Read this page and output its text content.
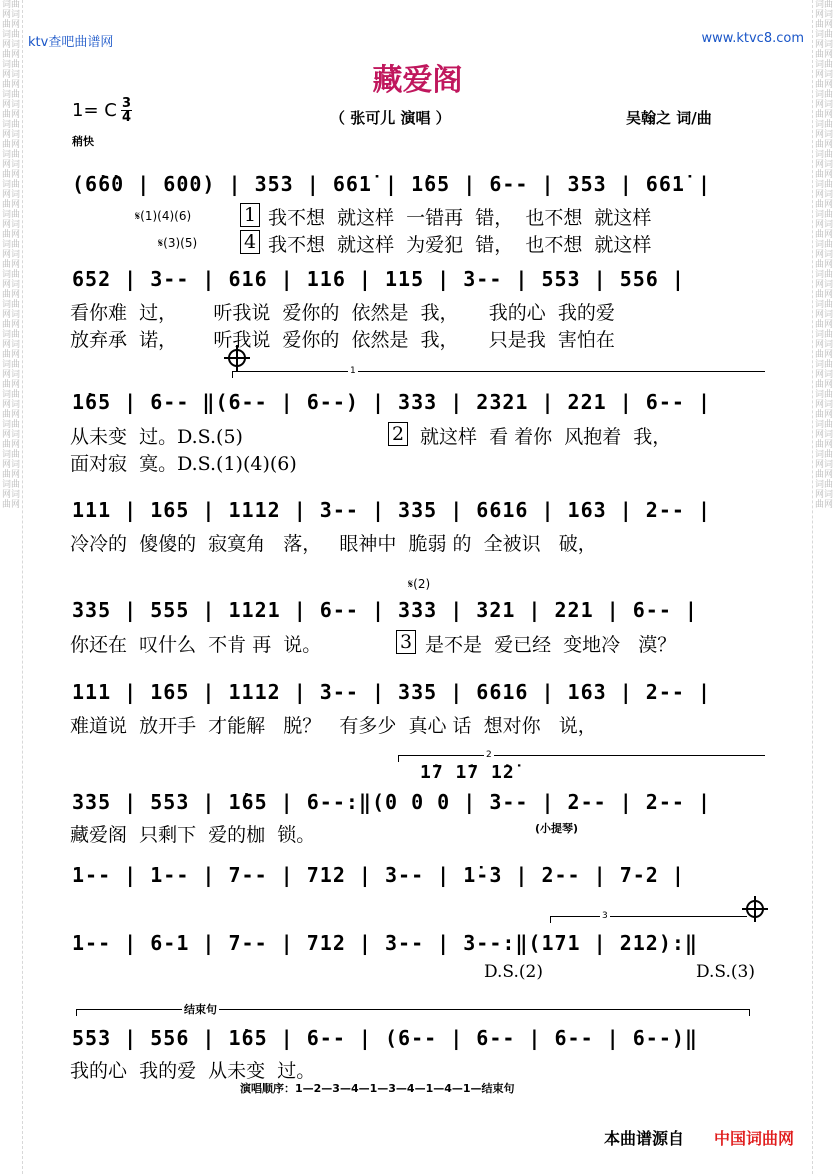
词曲网词曲网词曲网词曲网词曲网词曲网词曲网词曲网词曲网词曲网词曲网词曲网词曲网词曲网词曲网词曲网词曲网词曲网词曲网词曲网词曲网词曲网词曲网词曲网词曲网词曲网词曲网词曲网词曲网词曲网词曲网词曲网词曲网词曲网
词曲网词曲网词曲网词曲网词曲网词曲网词曲网词曲网词曲网词曲网词曲网词曲网词曲网词曲网词曲网词曲网词曲网词曲网词曲网词曲网词曲网词曲网词曲网词曲网词曲网词曲网词曲网词曲网词曲网词曲网词曲网词曲网词曲网词曲网
ktv查吧曲谱网	www.ktvc8.com
藏爱阁
1= C 3
4	（ 张可儿 演唱 ）	吴翰之 词/曲
稍快
(6̇6̇0 | 600) | 353 | 661̇ | 1̇65 | 6-- | 353 | 661̇ |
𝄋(1)(4)(6)	1 我不想  就这样  一错再  错，  也不想  就这样
𝄋(3)(5) 4 我不想  就这样  为爱犯  错，  也不想  就这样
652 | 3-- | 616 | 116 | 115 | 3-- | 553 | 556 |
看你难  过，      听我说  爱你的  依然是  我，     我的心  我的爱
放弃承  诺，      听我说  爱你的  依然是  我，     只是我  害怕在
1
1̇65 | 6-- ‖(6-- | 6--) | 333 | 2321 | 221 | 6-- |
从未变  过。D.S.(5)	2 就这样  看 着你  风抱着  我，
面对寂  寞。D.S.(1)(4)(6)
111 | 165 | 1112 | 3-- | 335 | 6616 | 163 | 2-- |
冷冷的  傻傻的  寂寞角   落，   眼神中  脆弱 的  全被识   破，
𝄋(2)
335 | 555 | 1121 | 6-- | 333 | 321 | 221 | 6-- |
你还在  叹什么  不肯 再  说。	3 是不是  爱已经  变地冷   漠？
111 | 165 | 1112 | 3-- | 335 | 6616 | 163 | 2-- |
难道说  放开手  才能解   脱？   有多少  真心 话  想对你   说，
2
1̇7 1̇7 1̇2̇
335 | 553 | 1̇65 | 6--:‖(0 0 0 | 3-- | 2-- | 2-- |
藏爱阁  只剩下  爱的枷  锁。	(小提琴)
1-- | 1-- | 7-- | 712 | 3-- | 1̇-3 | 2-- | 7-2 |
3
1-- | 6-1 | 7-- | 712 | 3-- | 3--:‖(171 | 212):‖
D.S.(2)	D.S.(3)
结束句
553 | 556 | 1̇65 | 6-- | (6-- | 6-- | 6-- | 6--)‖
我的心  我的爱  从未变  过。
演唱顺序：1—2—3—4—1—3—4—1—4—1—结束句
本曲谱源自 中国词曲网
